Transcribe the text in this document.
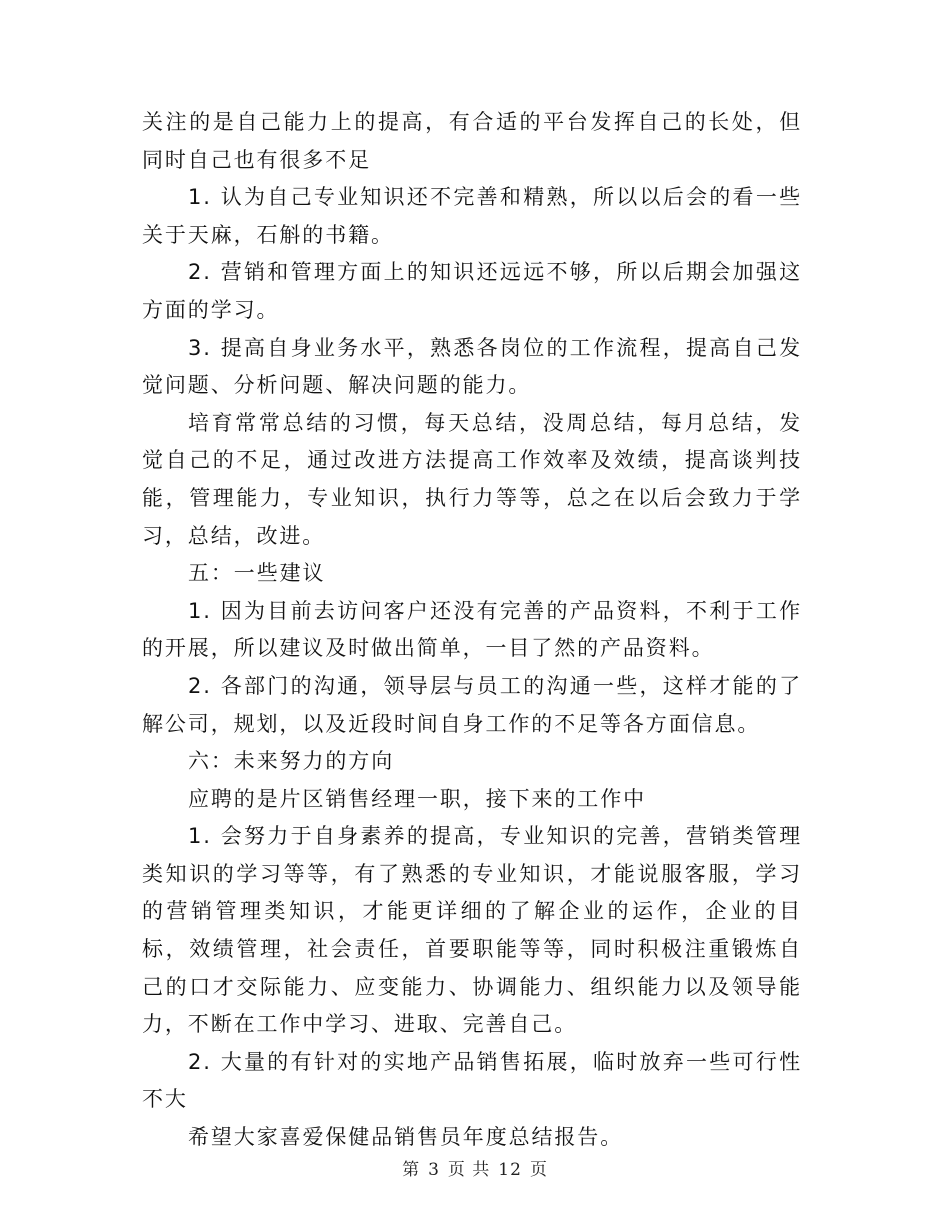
关注的是自己能力上的提高，有合适的平台发挥自己的长处，但同时自己也有很多不足

1. 认为自己专业知识还不完善和精熟，所以以后会的看一些关于天麻，石斛的书籍。

2. 营销和管理方面上的知识还远远不够，所以后期会加强这方面的学习。

3. 提高自身业务水平，熟悉各岗位的工作流程，提高自己发觉问题、分析问题、解决问题的能力。

培育常常总结的习惯，每天总结，没周总结，每月总结，发觉自己的不足，通过改进方法提高工作效率及效绩，提高谈判技能，管理能力，专业知识，执行力等等，总之在以后会致力于学习，总结，改进。

五：一些建议

1. 因为目前去访问客户还没有完善的产品资料，不利于工作的开展，所以建议及时做出简单，一目了然的产品资料。

2. 各部门的沟通，领导层与员工的沟通一些，这样才能的了解公司，规划，以及近段时间自身工作的不足等各方面信息。

六：未来努力的方向

应聘的是片区销售经理一职，接下来的工作中

1. 会努力于自身素养的提高，专业知识的完善，营销类管理类知识的学习等等，有了熟悉的专业知识，才能说服客服，学习的营销管理类知识，才能更详细的了解企业的运作，企业的目标，效绩管理，社会责任，首要职能等等，同时积极注重锻炼自己的口才交际能力、应变能力、协调能力、组织能力以及领导能力，不断在工作中学习、进取、完善自己。

2. 大量的有针对的实地产品销售拓展，临时放弃一些可行性不大

希望大家喜爱保健品销售员年度总结报告。

第 3 页 共 12 页
